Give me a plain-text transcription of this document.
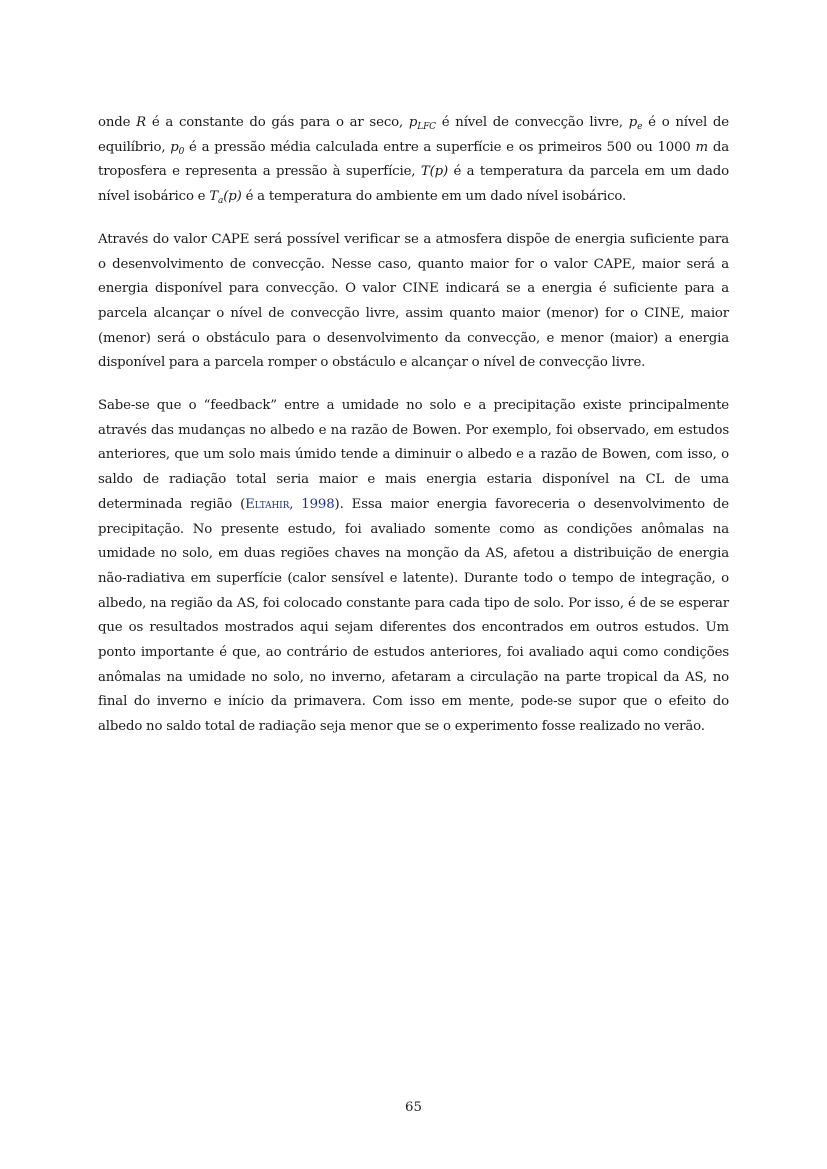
onde R é a constante do gás para o ar seco, $p_{LFC}$ é nível de convecção livre, $p_e$ é o nível de equilíbrio, $p_0$ é a pressão média calculada entre a superfície e os primeiros 500 ou 1000 m da troposfera e representa a pressão à superfície, T(p) é a temperatura da parcela em um dado nível isobárico e $T_a(p)$ é a temperatura do ambiente em um dado nível isobárico.

Através do valor CAPE será possível verificar se a atmosfera dispõe de energia suficiente para o desenvolvimento de convecção. Nesse caso, quanto maior for o valor CAPE, maior será a energia disponível para convecção. O valor CINE indicará se a energia é suficiente para a parcela alcançar o nível de convecção livre, assim quanto maior (menor) for o CINE, maior (menor) será o obstáculo para o desenvolvimento da convecção, e menor (maior) a energia disponível para a parcela romper o obstáculo e alcançar o nível de convecção livre.

Sabe-se que o “feedback” entre a umidade no solo e a precipitação existe principalmente através das mudanças no albedo e na razão de Bowen. Por exemplo, foi observado, em estudos anteriores, que um solo mais úmido tende a diminuir o albedo e a razão de Bowen, com isso, o saldo de radiação total seria maior e mais energia estaria disponível na CL de uma determinada região (Eltahir, 1998). Essa maior energia favoreceria o desenvolvimento de precipitação. No presente estudo, foi avaliado somente como as condições anômalas na umidade no solo, em duas regiões chaves na monção da AS, afetou a distribuição de energia não-radiativa em superfície (calor sensível e latente). Durante todo o tempo de integração, o albedo, na região da AS, foi colocado constante para cada tipo de solo. Por isso, é de se esperar que os resultados mostrados aqui sejam diferentes dos encontrados em outros estudos. Um ponto importante é que, ao contrário de estudos anteriores, foi avaliado aqui como condições anômalas na umidade no solo, no inverno, afetaram a circulação na parte tropical da AS, no final do inverno e início da primavera. Com isso em mente, pode-se supor que o efeito do albedo no saldo total de radiação seja menor que se o experimento fosse realizado no verão.

65
